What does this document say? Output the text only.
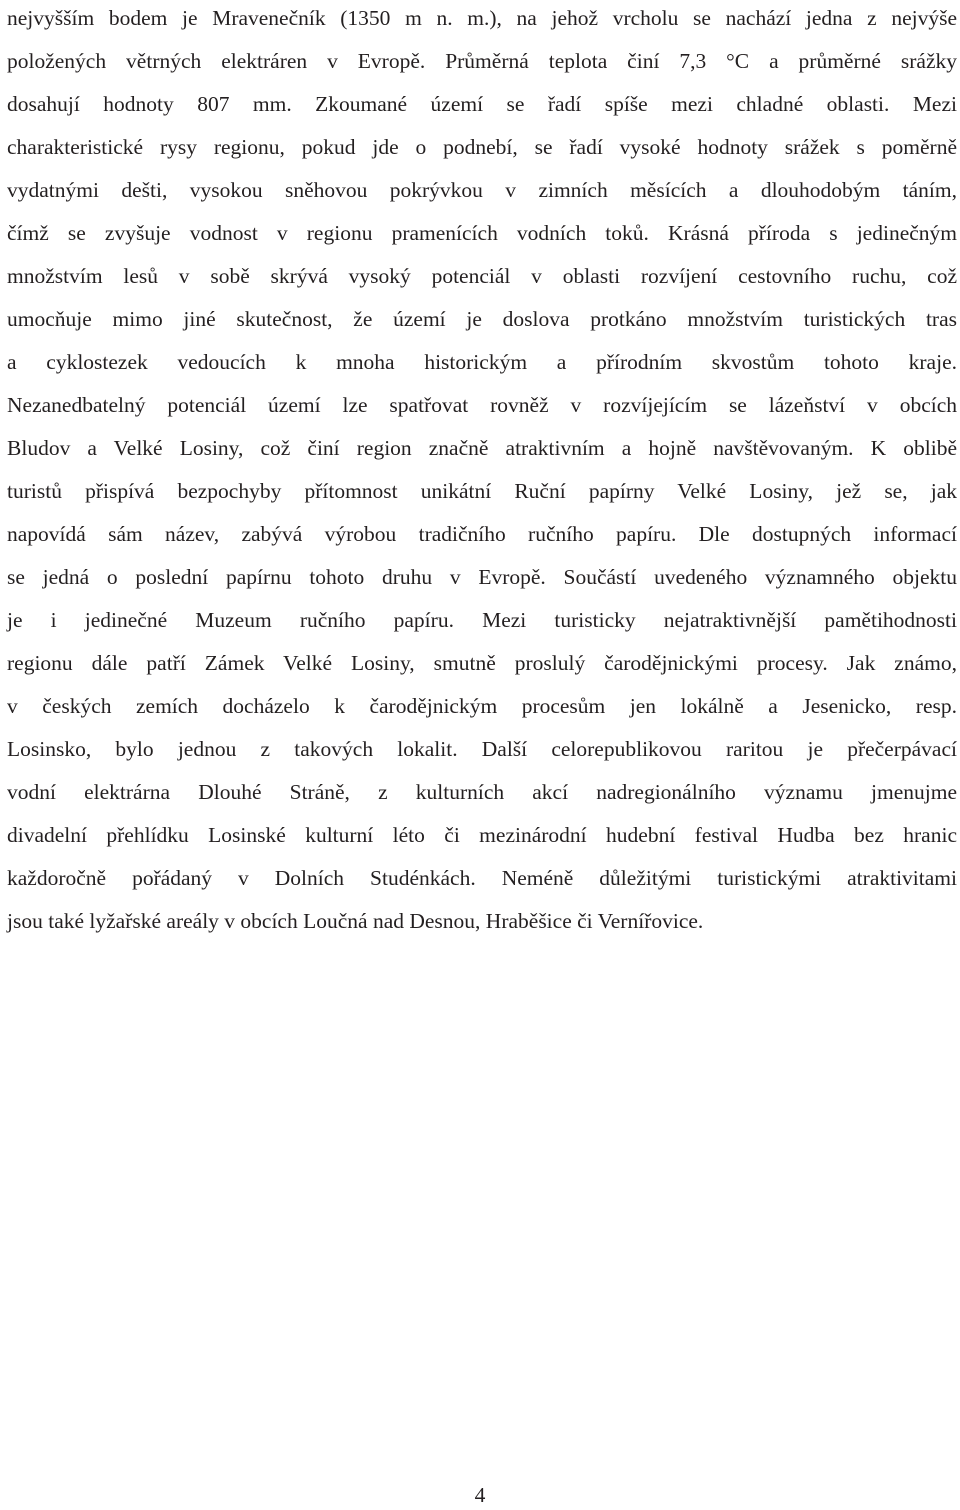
nejvyšším bodem je Mravenečník (1350 m n. m.), na jehož vrcholu se nachází jedna z nejvýše
položených větrných elektráren v Evropě. Průměrná teplota činí 7,3 °C a průměrné srážky
dosahují hodnoty 807 mm. Zkoumané území se řadí spíše mezi chladné oblasti. Mezi
charakteristické rysy regionu, pokud jde o podnebí, se řadí vysoké hodnoty srážek s poměrně
vydatnými dešti, vysokou sněhovou pokrývkou v zimních měsících a dlouhodobým táním,
čímž se zvyšuje vodnost v regionu pramenících vodních toků. Krásná příroda s jedinečným
množstvím lesů v sobě skrývá vysoký potenciál v oblasti rozvíjení cestovního ruchu, což
umocňuje mimo jiné skutečnost, že území je doslova protkáno množstvím turistických tras
a cyklostezek vedoucích k mnoha historickým a přírodním skvostům tohoto kraje.
Nezanedbatelný potenciál území lze spatřovat rovněž v rozvíjejícím se lázeňství v obcích
Bludov a Velké Losiny, což činí region značně atraktivním a hojně navštěvovaným. K oblibě
turistů přispívá bezpochyby přítomnost unikátní Ruční papírny Velké Losiny, jež se, jak
napovídá sám název, zabývá výrobou tradičního ručního papíru. Dle dostupných informací
se jedná o poslední papírnu tohoto druhu v Evropě. Součástí uvedeného významného objektu
je i jedinečné Muzeum ručního papíru. Mezi turisticky nejatraktivnější pamětihodnosti
regionu dále patří Zámek Velké Losiny, smutně proslulý čarodějnickými procesy. Jak známo,
v českých zemích docházelo k čarodějnickým procesům jen lokálně a Jesenicko, resp.
Losinsko, bylo jednou z takových lokalit. Další celorepublikovou raritou je přečerpávací
vodní elektrárna Dlouhé Stráně, z kulturních akcí nadregionálního významu jmenujme
divadelní přehlídku Losinské kulturní léto či mezinárodní hudební festival Hudba bez hranic
každoročně pořádaný v Dolních Studénkách. Neméně důležitými turistickými atraktivitami
jsou také lyžařské areály v obcích Loučná nad Desnou, Hraběšice či Vernířovice.
4
